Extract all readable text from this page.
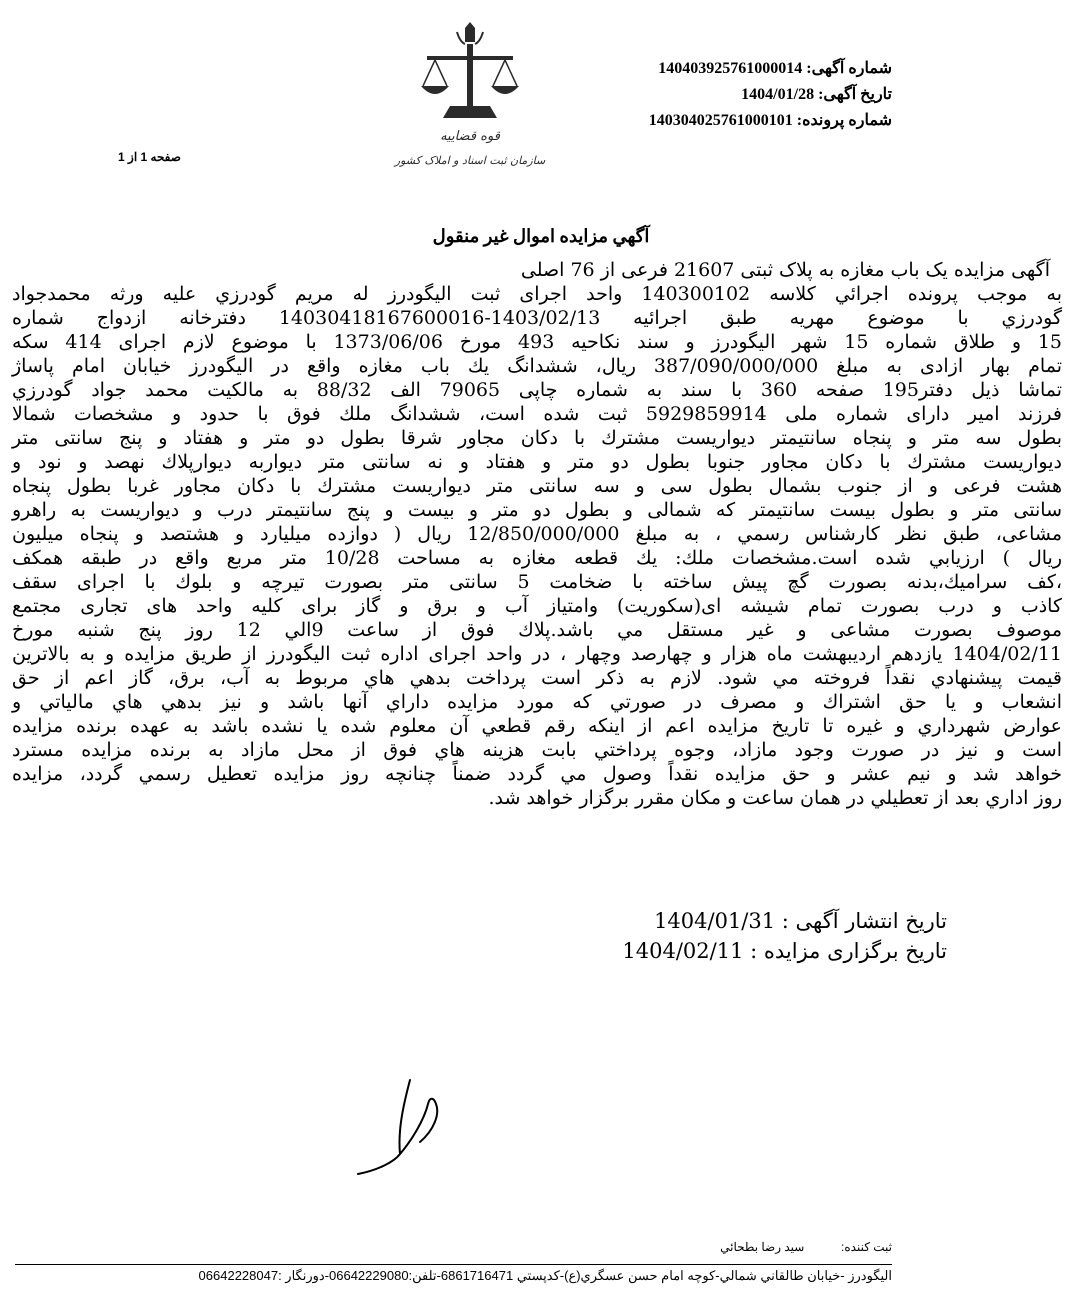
شماره آگهی: 140403925761000014
تاریخ آگهی: 1404/01/28
شماره پرونده: 140304025761000101
صفحه 1 از 1
قوه قضاییه
سازمان ثبت اسناد و املاک کشور
آگهي مزايده اموال غير منقول
آگهی مزایده یک باب مغازه به پلاک ثبتی 21607 فرعی از 76 اصلی
به موجب پرونده اجرائي كلاسه 140300102 واحد اجرای ثبت اليگودرز له مريم گودرزي عليه ورثه محمدجواد
گودرزي با موضوع مهريه طبق اجرائيه 1403/02/13-14030418167600016 دفترخانه ازدواج شماره
15 و طلاق شماره 15 شهر اليگودرز و سند نكاحيه 493 مورخ 1373/06/06 با موضوع لازم اجرای 414 سکه
تمام بهار ازادی به مبلغ 387/090/000/000 ريال، ششدانگ يك باب مغازه واقع در اليگودرز خيابان امام پاساژ
تماشا ذيل دفتر195 صفحه 360 با سند به شماره چاپی 79065 الف 88/32 به مالكيت محمد جواد گودرزي
فرزند امير دارای شماره ملی 5929859914 ثبت شده است، ششدانگ ملك فوق با حدود و مشخصات شمالا
بطول سه متر و پنجاه سانتيمتر ديواريست مشترك با دكان مجاور شرقا بطول دو متر و هفتاد و پنج سانتی متر
ديواريست مشترك با دكان مجاور جنوبا بطول دو متر و هفتاد و نه سانتی متر ديواربه ديوارپلاك نهصد و نود و
هشت فرعی و از جنوب بشمال بطول سی و سه سانتی متر ديواريست مشترك با دكان مجاور غربا بطول پنجاه
سانتی متر و بطول بيست سانتيمتر كه شمالی و بطول دو متر و بيست و پنج سانتيمتر درب و ديواريست به راهرو
مشاعی، طبق نظر كارشناس رسمي ، به مبلغ 12/850/000/000 ريال ( دوازده ميليارد و هشتصد و پنجاه ميليون
ريال ) ارزيابي شده است.مشخصات ملك: يك قطعه مغازه به مساحت 10/28 متر مربع واقع در طبقه همكف
،كف سراميك،بدنه بصورت گچ پيش ساخته با ضخامت 5 سانتی متر بصورت تيرچه و بلوك با اجرای سقف
كاذب و درب بصورت تمام شيشه ای(سكوريت) وامتياز آب و برق و گاز برای كليه واحد های تجاری مجتمع
موصوف بصورت مشاعی و غير مستقل مي باشد.پلاك فوق از ساعت 9الي 12 روز پنج شنبه مورخ
1404/02/11 يازدهم ارديبهشت ماه هزار و چهارصد وچهار ، در واحد اجرای اداره ثبت اليگودرز از طريق مزايده و به بالاترين
قيمت پيشنهادي نقداً فروخته مي شود. لازم به ذكر است پرداخت بدهي هاي مربوط به آب، برق، گاز اعم از حق
انشعاب و يا حق اشتراك و مصرف در صورتي كه مورد مزايده داراي آنها باشد و نيز بدهي هاي مالياتي و
عوارض شهرداري و غيره تا تاريخ مزايده اعم از اينكه رقم قطعي آن معلوم شده يا نشده باشد به عهده برنده مزايده
است و نيز در صورت وجود مازاد، وجوه پرداختي بابت هزينه هاي فوق از محل مازاد به برنده مزايده مسترد
خواهد شد و نيم عشر و حق مزايده نقداً وصول مي گردد ضمناً چنانچه روز مزايده تعطيل رسمي گردد، مزايده
روز اداري بعد از تعطيلي در همان ساعت و مكان مقرر برگزار خواهد شد.
تاریخ انتشار آگهی : 1404/01/31
تاریخ برگزاری مزایده : 1404/02/11
ثبت كننده:  سيد رضا بطحائي
اليگودرز -خيابان طالقاني شمالي-كوچه امام حسن عسگري(ع)-كدپستي 6861716471-تلفن:06642229080-دورنگار :06642228047
